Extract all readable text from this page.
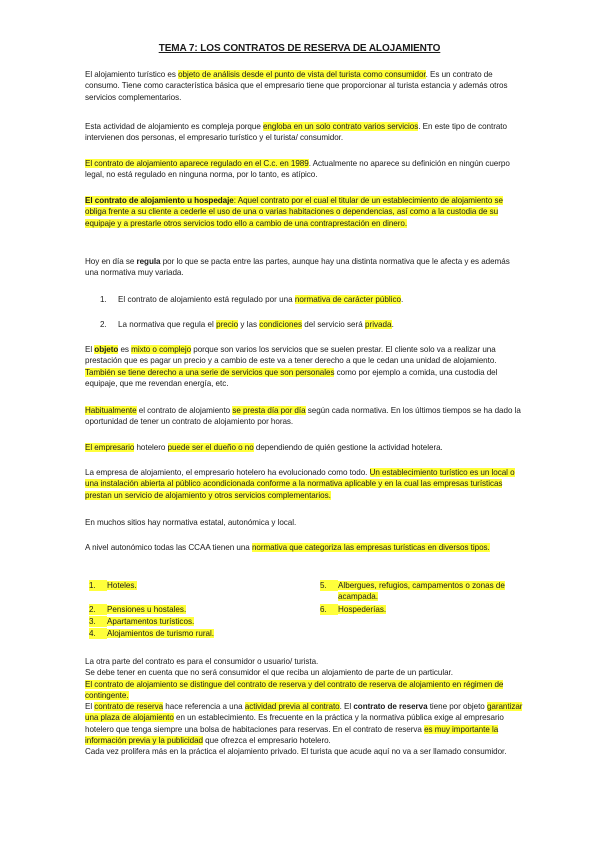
TEMA 7: LOS CONTRATOS DE RESERVA DE ALOJAMIENTO
El alojamiento turístico es objeto de análisis desde el punto de vista del turista como consumidor. Es un contrato de consumo. Tiene como característica básica que el empresario tiene que proporcionar al turista estancia y además otros servicios complementarios.
Esta actividad de alojamiento es compleja porque engloba en un solo contrato varios servicios. En este tipo de contrato intervienen dos personas, el empresario turístico y el turista/ consumidor.
El contrato de alojamiento aparece regulado en el C.c. en 1989. Actualmente no aparece su definición en ningún cuerpo legal, no está regulado en ninguna norma, por lo tanto, es atípico.
El contrato de alojamiento u hospedaje: Aquel contrato por el cual el titular de un establecimiento de alojamiento se obliga frente a su cliente a cederle el uso de una o varias habitaciones o dependencias, así como a la custodia de su equipaje y a prestarle otros servicios todo ello a cambio de una contraprestación en dinero.
Hoy en día se regula por lo que se pacta entre las partes, aunque hay una distinta normativa que le afecta y es además una normativa muy variada.
1. El contrato de alojamiento está regulado por una normativa de carácter público.
2. La normativa que regula el precio y las condiciones del servicio será privada.
El objeto es mixto o complejo porque son varios los servicios que se suelen prestar. El cliente solo va a realizar una prestación que es pagar un precio y a cambio de este va a tener derecho a que le cedan una unidad de alojamiento. También se tiene derecho a una serie de servicios que son personales como por ejemplo a comida, una custodia del equipaje, que me revendan energía, etc.
Habitualmente el contrato de alojamiento se presta día por día según cada normativa. En los últimos tiempos se ha dado la oportunidad de tener un contrato de alojamiento por horas.
El empresario hotelero puede ser el dueño o no dependiendo de quién gestione la actividad hotelera.
La empresa de alojamiento, el empresario hotelero ha evolucionado como todo. Un establecimiento turístico es un local o una instalación abierta al público acondicionada conforme a la normativa aplicable y en la cual las empresas turísticas prestan un servicio de alojamiento y otros servicios complementarios.
En muchos sitios hay normativa estatal, autonómica y local.
A nivel autonómico todas las CCAA tienen una normativa que categoriza las empresas turísticas en diversos tipos.
1. Hoteles.
2. Pensiones u hostales.
3. Apartamentos turísticos.
4. Alojamientos de turismo rural.
5.	Albergues, refugios, campamentos o zonas de acampada.
6. Hospederías.
La otra parte del contrato es para el consumidor o usuario/ turista.
Se debe tener en cuenta que no será consumidor el que reciba un alojamiento de parte de un particular.
El contrato de alojamiento se distingue del contrato de reserva y del contrato de reserva de alojamiento en régimen de contingente.
El contrato de reserva hace referencia a una actividad previa al contrato. El contrato de reserva tiene por objeto garantizar una plaza de alojamiento en un establecimiento. Es frecuente en la práctica y la normativa pública exige al empresario hotelero que tenga siempre una bolsa de habitaciones para reservas. En el contrato de reserva es muy importante la información previa y la publicidad que ofrezca el empresario hotelero.
Cada vez prolifera más en la práctica el alojamiento privado. El turista que acude aquí no va a ser llamado consumidor.
